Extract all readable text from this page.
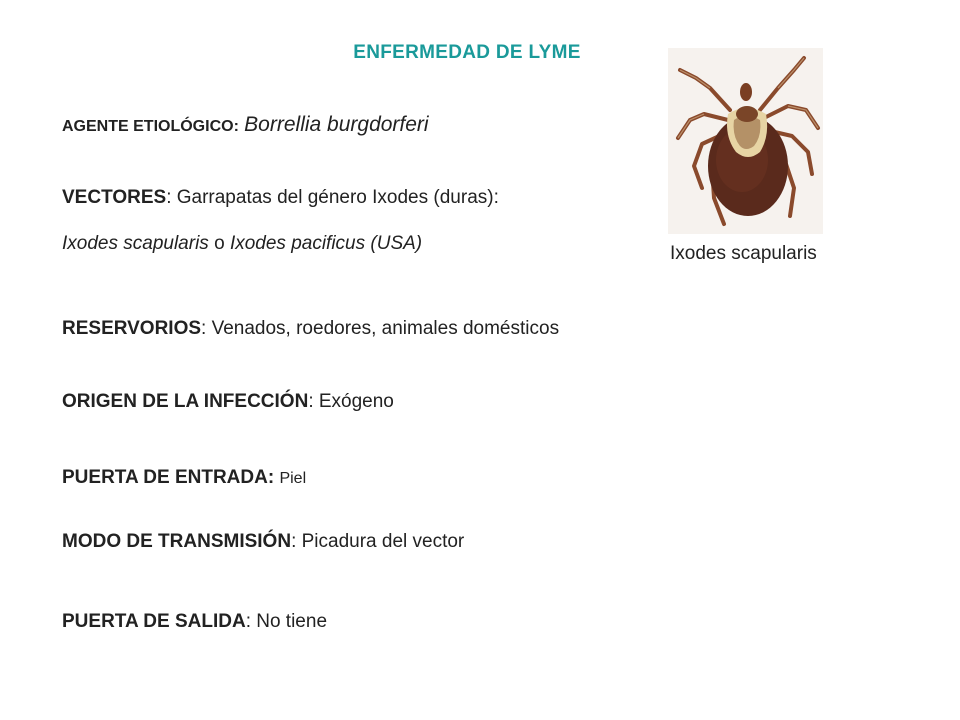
ENFERMEDAD DE LYME
AGENTE ETIOLÓGICO: Borrellia burgdorferi
VECTORES: Garrapatas del género Ixodes (duras):
Ixodes scapularis o Ixodes pacificus (USA)
RESERVORIOS: Venados, roedores, animales domésticos
ORIGEN DE LA INFECCIÓN: Exógeno
PUERTA DE ENTRADA: Piel
MODO DE TRANSMISIÓN: Picadura del vector
PUERTA DE SALIDA: No tiene
Ixodes scapularis
